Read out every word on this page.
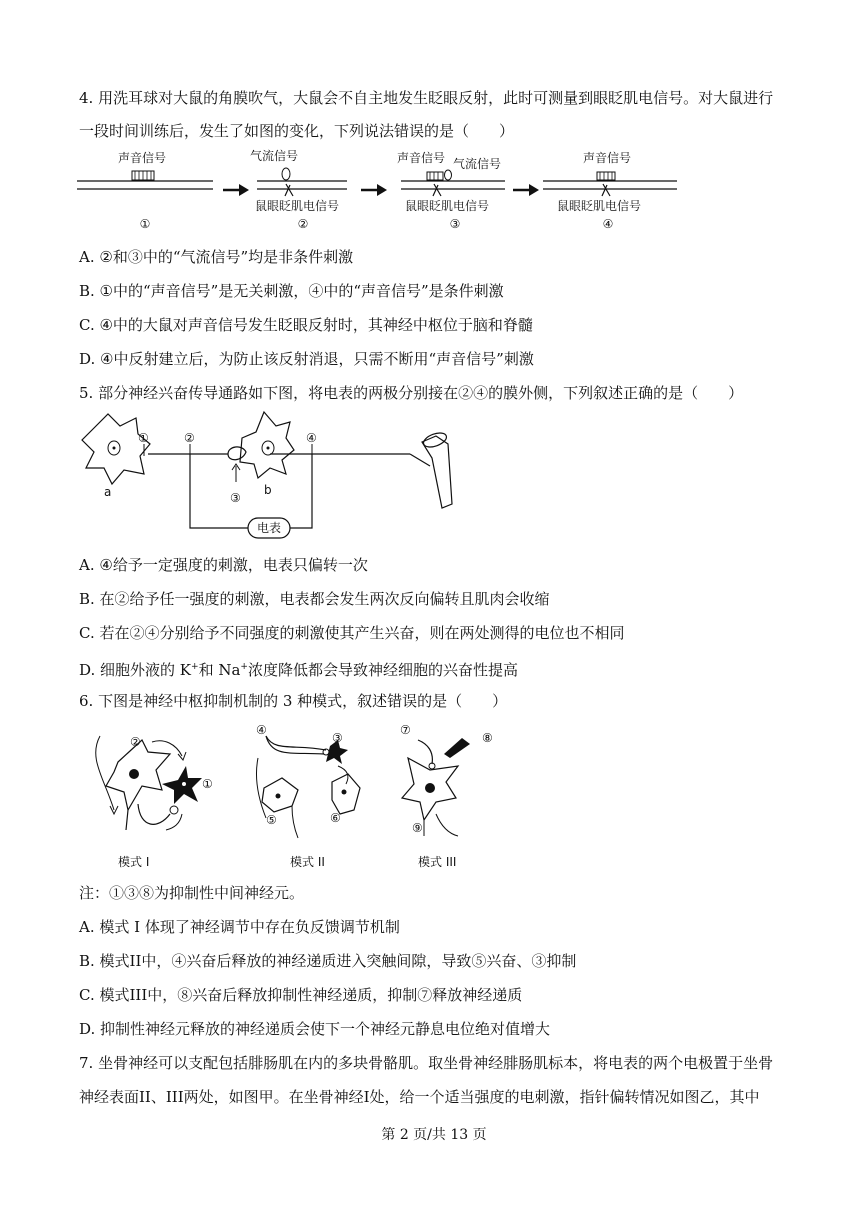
4. 用洗耳球对大鼠的角膜吹气，大鼠会不自主地发生眨眼反射，此时可测量到眼眨肌电信号。对大鼠进行
一段时间训练后，发生了如图的变化，下列说法错误的是（　　）
声音信号
①
气流信号
鼠眼眨肌电信号
②
声音信号 气流信号
鼠眼眨肌电信号
③
声音信号
鼠眼眨肌电信号
④
A. ②和③中的“气流信号”均是非条件刺激
B. ①中的“声音信号”是无关刺激，④中的“声音信号”是条件刺激
C. ④中的大鼠对声音信号发生眨眼反射时，其神经中枢位于脑和脊髓
D. ④中反射建立后，为防止该反射消退，只需不断用“声音信号”刺激
5. 部分神经兴奋传导通路如下图，将电表的两极分别接在②④的膜外侧，下列叙述正确的是（　　）
a	b
①	②	④
③
电表
A. ④给予一定强度的刺激，电表只偏转一次
B. 在②给予任一强度的刺激，电表都会发生两次反向偏转且肌肉会收缩
C. 若在②④分别给予不同强度的刺激使其产生兴奋，则在两处测得的电位也不相同
D. 细胞外液的 K+和 Na+浓度降低都会导致神经细胞的兴奋性提高
6. 下图是神经中枢抑制机制的 3 种模式，叙述错误的是（　　）
②
①
模式 I
④
③
⑤	⑥
模式 II
⑦
⑧
⑨
模式 III
注：①③⑧为抑制性中间神经元。
A. 模式 I 体现了神经调节中存在负反馈调节机制
B. 模式II中，④兴奋后释放的神经递质进入突触间隙，导致⑤兴奋、③抑制
C. 模式III中，⑧兴奋后释放抑制性神经递质，抑制⑦释放神经递质
D. 抑制性神经元释放的神经递质会使下一个神经元静息电位绝对值增大
7. 坐骨神经可以支配包括腓肠肌在内的多块骨骼肌。取坐骨神经腓肠肌标本，将电表的两个电极置于坐骨
神经表面II、III两处，如图甲。在坐骨神经I处，给一个适当强度的电刺激，指针偏转情况如图乙，其中
第 2 页/共 13 页
